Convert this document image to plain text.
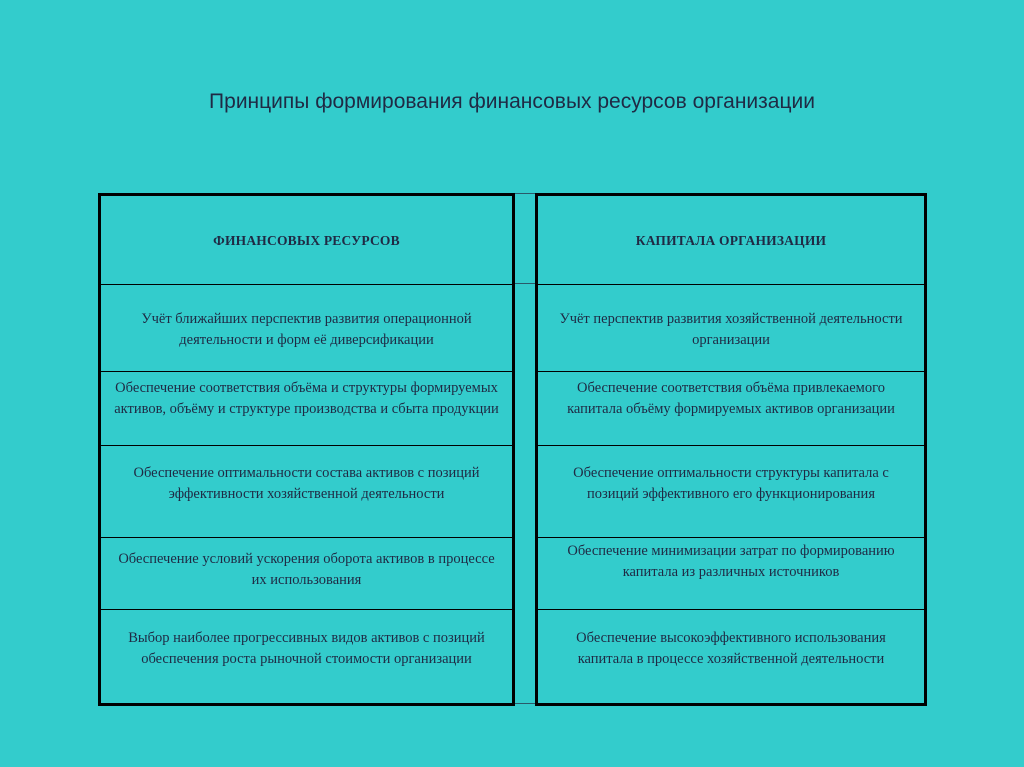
Принципы формирования финансовых ресурсов организации
ФИНАНСОВЫХ РЕСУРСОВ
Учёт ближайших перспектив развития операционной деятельности и форм её диверсификации
Обеспечение соответствия объёма и структуры формируемых активов, объёму и структуре производства и сбыта продукции
Обеспечение оптимальности состава активов с позиций эффективности хозяйственной деятельности
Обеспечение условий ускорения оборота активов в процессе их использования
Выбор наиболее прогрессивных видов активов с позиций обеспечения роста рыночной стоимости организации
КАПИТАЛА ОРГАНИЗАЦИИ
Учёт перспектив развития хозяйственной деятельности организации
Обеспечение соответствия объёма привлекаемого капитала объёму формируемых активов организации
Обеспечение оптимальности структуры капитала с позиций эффективного его функционирования
Обеспечение минимизации затрат по формированию капитала из различных источников
Обеспечение высокоэффективного использования капитала в процессе хозяйственной деятельности
